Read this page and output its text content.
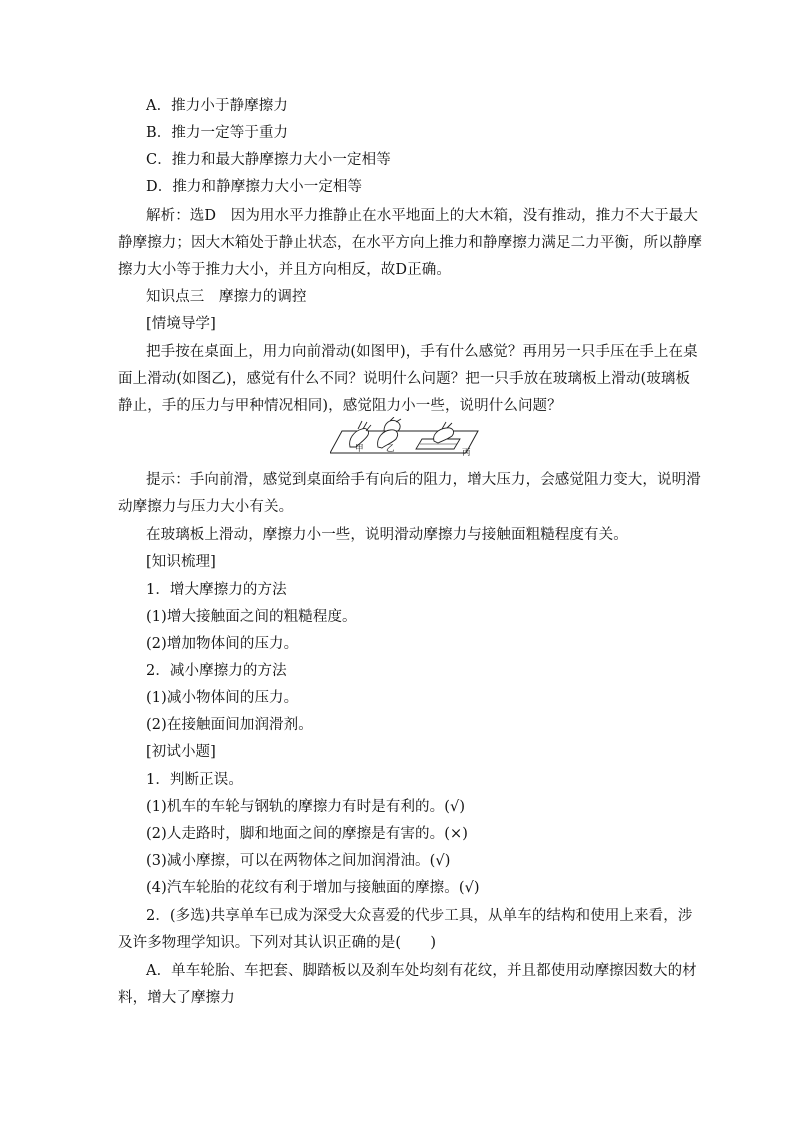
A．推力小于静摩擦力
B．推力一定等于重力
C．推力和最大静摩擦力大小一定相等
D．推力和静摩擦力大小一定相等
解析：选D　因为用水平力推静止在水平地面上的大木箱，没有推动，推力不大于最大
静摩擦力；因大木箱处于静止状态，在水平方向上推力和静摩擦力满足二力平衡，所以静摩
擦力大小等于推力大小，并且方向相反，故D正确。
知识点三　摩擦力的调控
[情境导学]
把手按在桌面上，用力向前滑动(如图甲)，手有什么感觉？再用另一只手压在手上在桌
面上滑动(如图乙)，感觉有什么不同？说明什么问题？把一只手放在玻璃板上滑动(玻璃板
静止，手的压力与甲种情况相同)，感觉阻力小一些，说明什么问题？
甲	乙	丙
提示：手向前滑，感觉到桌面给手有向后的阻力，增大压力，会感觉阻力变大，说明滑
动摩擦力与压力大小有关。
在玻璃板上滑动，摩擦力小一些，说明滑动摩擦力与接触面粗糙程度有关。
[知识梳理]
1．增大摩擦力的方法
(1)增大接触面之间的粗糙程度。
(2)增加物体间的压力。
2．减小摩擦力的方法
(1)减小物体间的压力。
(2)在接触面间加润滑剂。
[初试小题]
1．判断正误。
(1)机车的车轮与钢轨的摩擦力有时是有利的。(√)
(2)人走路时，脚和地面之间的摩擦是有害的。(×)
(3)减小摩擦，可以在两物体之间加润滑油。(√)
(4)汽车轮胎的花纹有利于增加与接触面的摩擦。(√)
2．(多选)共享单车已成为深受大众喜爱的代步工具，从单车的结构和使用上来看，涉
及许多物理学知识。下列对其认识正确的是(　　)
A．单车轮胎、车把套、脚踏板以及刹车处均刻有花纹，并且都使用动摩擦因数大的材
料，增大了摩擦力
